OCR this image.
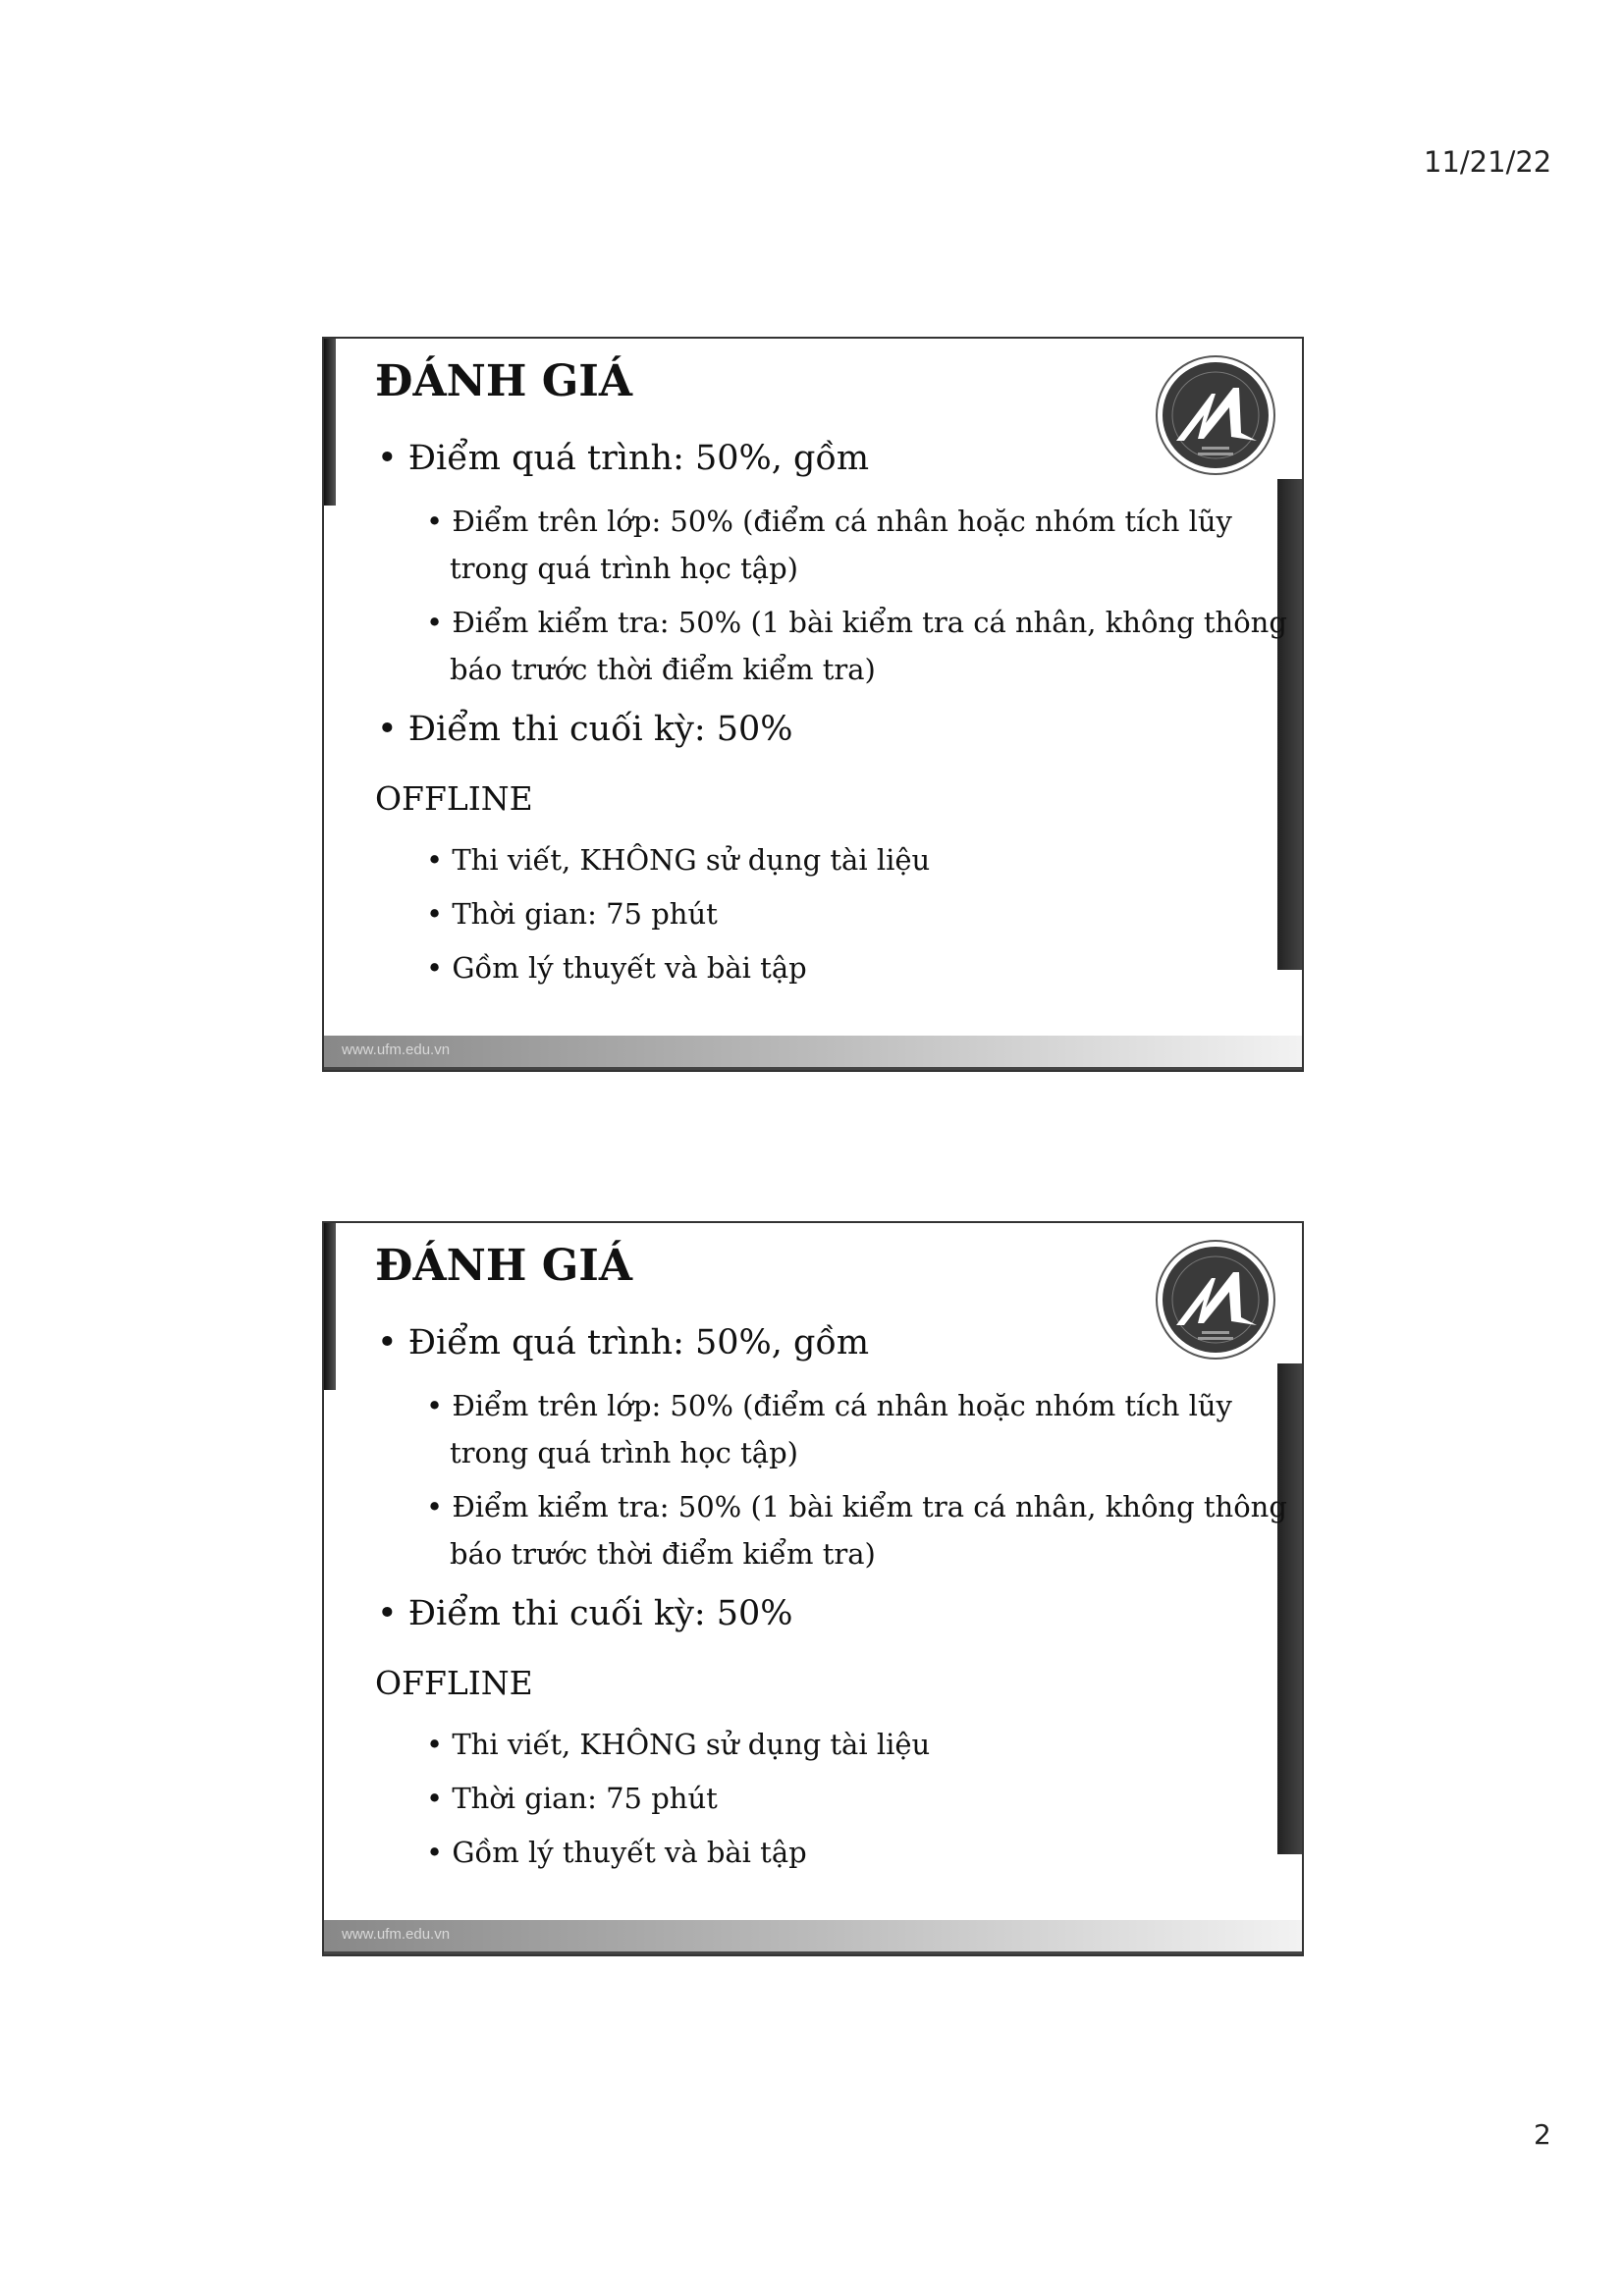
11/21/22
ĐÁNH GIÁ
• Điểm quá trình: 50%, gồm
• Điểm trên lớp: 50% (điểm cá nhân hoặc nhóm tích lũy
trong quá trình học tập)
• Điểm kiểm tra: 50% (1 bài kiểm tra cá nhân, không thông
báo trước thời điểm kiểm tra)
• Điểm thi cuối kỳ: 50%
OFFLINE
• Thi viết, KHÔNG sử dụng tài liệu
• Thời gian: 75 phút
• Gồm lý thuyết và bài tập
www.ufm.edu.vn
ĐÁNH GIÁ
• Điểm quá trình: 50%, gồm
• Điểm trên lớp: 50% (điểm cá nhân hoặc nhóm tích lũy
trong quá trình học tập)
• Điểm kiểm tra: 50% (1 bài kiểm tra cá nhân, không thông
báo trước thời điểm kiểm tra)
• Điểm thi cuối kỳ: 50%
OFFLINE
• Thi viết, KHÔNG sử dụng tài liệu
• Thời gian: 75 phút
• Gồm lý thuyết và bài tập
www.ufm.edu.vn
2
